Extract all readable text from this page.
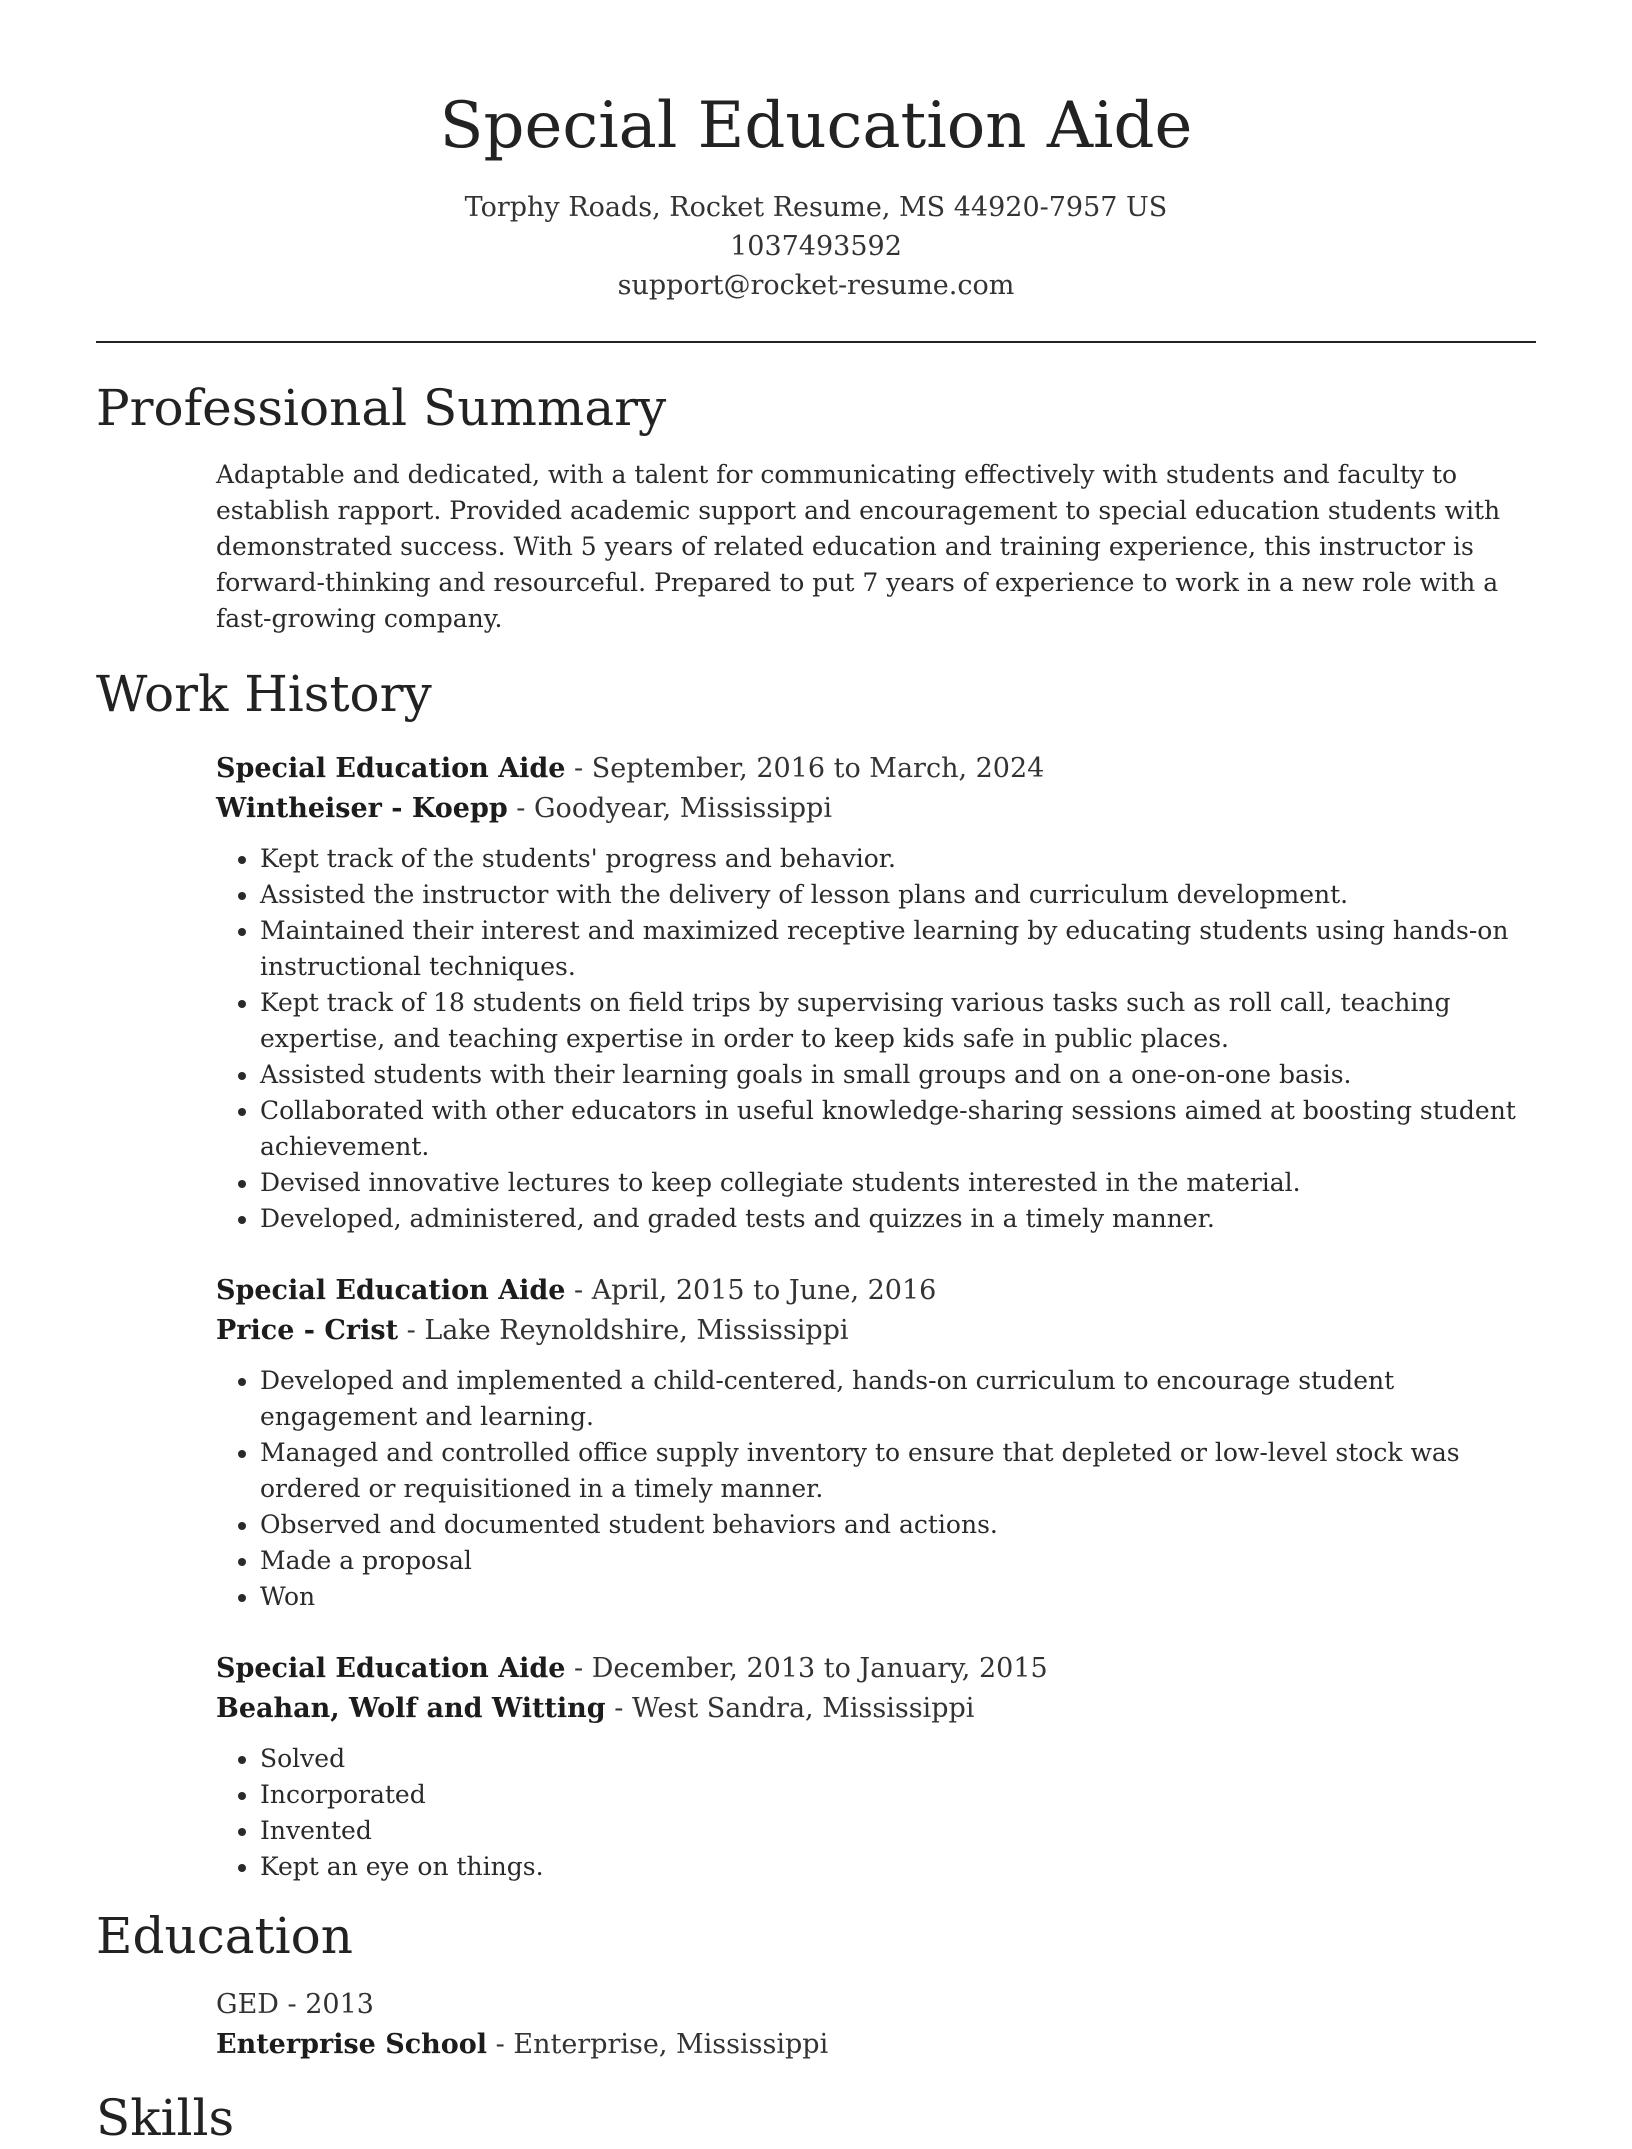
Special Education Aide
Torphy Roads, Rocket Resume, MS 44920-7957 US
1037493592
support@rocket-resume.com
Professional Summary
Adaptable and dedicated, with a talent for communicating effectively with students and faculty to establish rapport. Provided academic support and encouragement to special education students with demonstrated success. With 5 years of related education and training experience, this instructor is forward-thinking and resourceful. Prepared to put 7 years of experience to work in a new role with a fast-growing company.
Work History
Special Education Aide - September, 2016 to March, 2024
Wintheiser - Koepp - Goodyear, Mississippi
• Kept track of the students' progress and behavior.
• Assisted the instructor with the delivery of lesson plans and curriculum development.
• Maintained their interest and maximized receptive learning by educating students using hands-on instructional techniques.
• Kept track of 18 students on field trips by supervising various tasks such as roll call, teaching expertise, and teaching expertise in order to keep kids safe in public places.
• Assisted students with their learning goals in small groups and on a one-on-one basis.
• Collaborated with other educators in useful knowledge-sharing sessions aimed at boosting student achievement.
• Devised innovative lectures to keep collegiate students interested in the material.
• Developed, administered, and graded tests and quizzes in a timely manner.
Special Education Aide - April, 2015 to June, 2016
Price - Crist - Lake Reynoldshire, Mississippi
• Developed and implemented a child-centered, hands-on curriculum to encourage student engagement and learning.
• Managed and controlled office supply inventory to ensure that depleted or low-level stock was ordered or requisitioned in a timely manner.
• Observed and documented student behaviors and actions.
• Made a proposal
• Won
Special Education Aide - December, 2013 to January, 2015
Beahan, Wolf and Witting - West Sandra, Mississippi
• Solved
• Incorporated
• Invented
• Kept an eye on things.
Education
GED - 2013
Enterprise School - Enterprise, Mississippi
Skills
